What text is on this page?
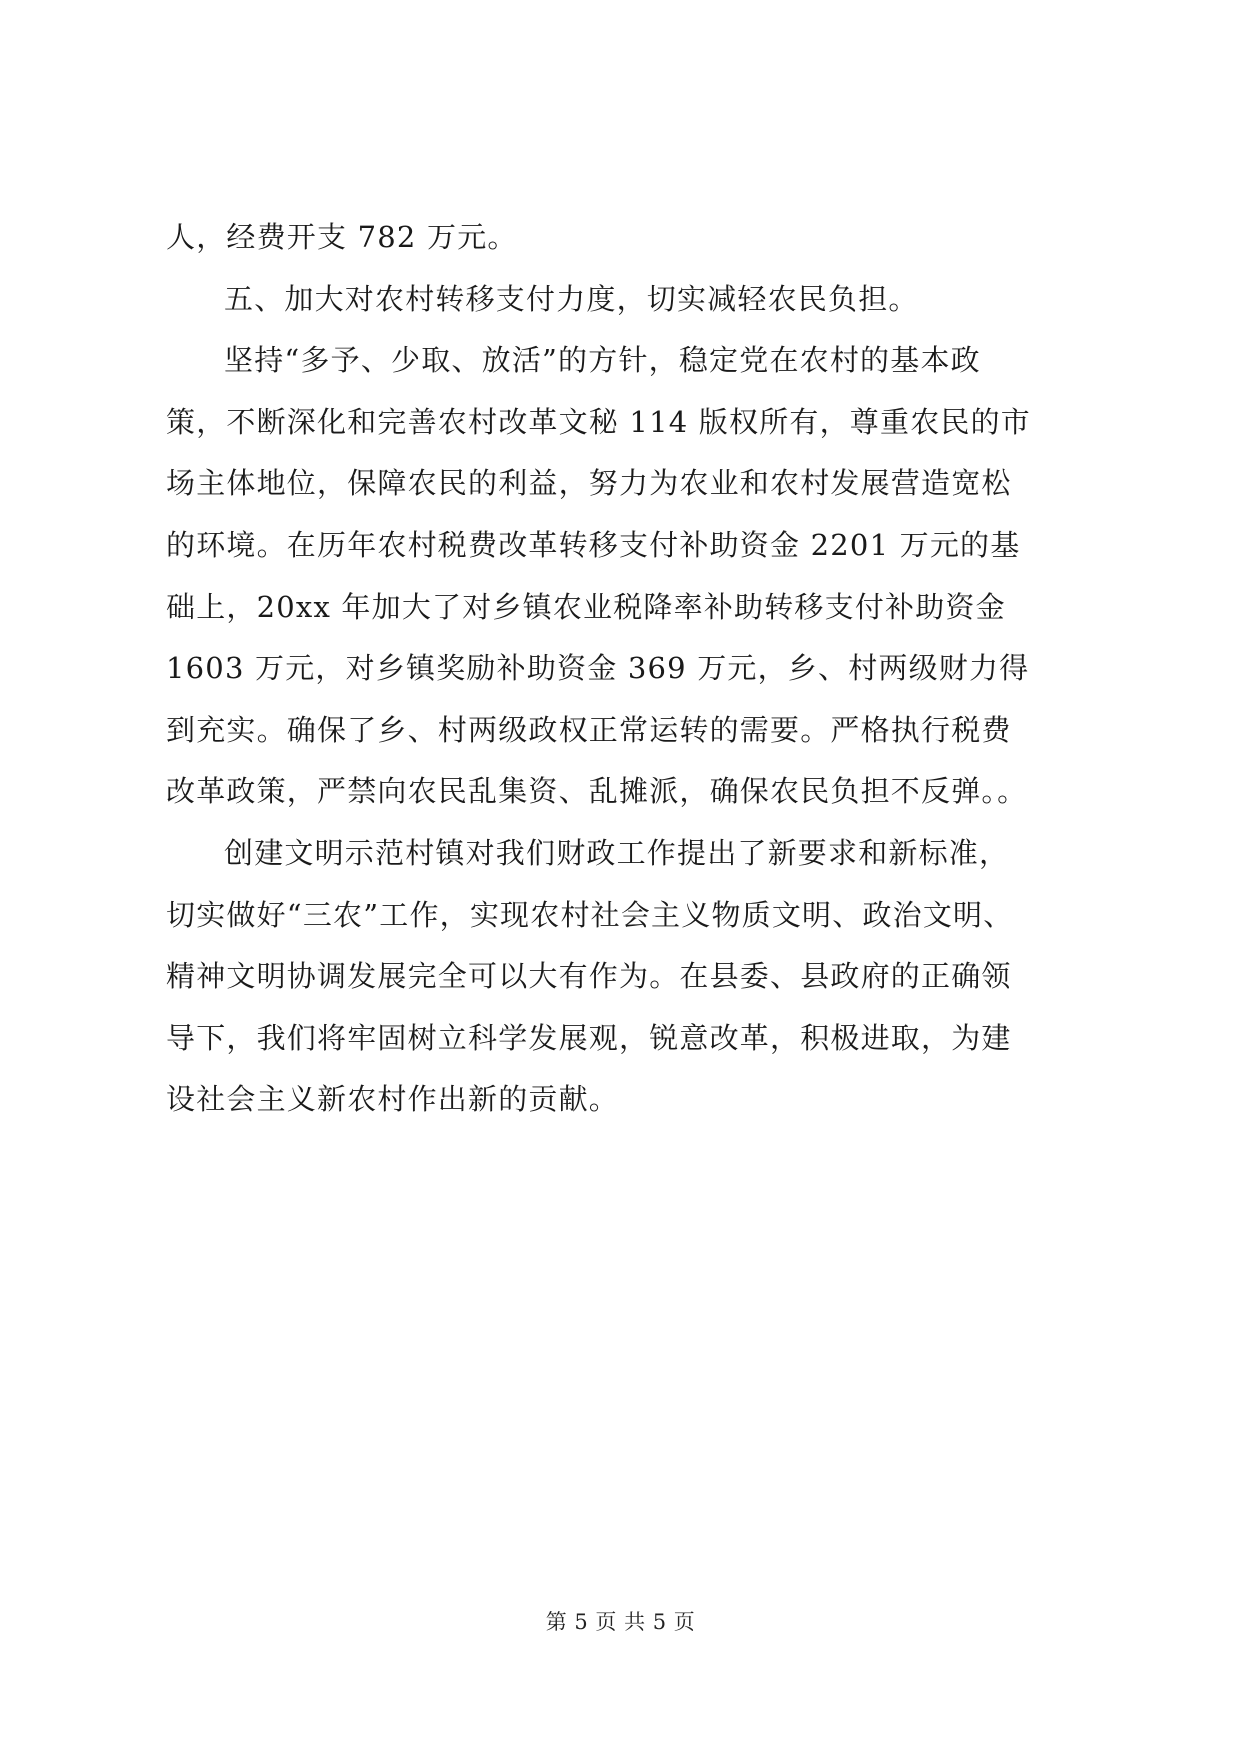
人，经费开支 782 万元。
五、加大对农村转移支付力度，切实减轻农民负担。
坚持“多予、少取、放活”的方针，稳定党在农村的基本政
策，不断深化和完善农村改革文秘 114 版权所有，尊重农民的市
场主体地位，保障农民的利益，努力为农业和农村发展营造宽松
的环境。在历年农村税费改革转移支付补助资金 2201 万元的基
础上，20xx 年加大了对乡镇农业税降率补助转移支付补助资金
1603 万元，对乡镇奖励补助资金 369 万元，乡、村两级财力得
到充实。确保了乡、村两级政权正常运转的需要。严格执行税费
改革政策，严禁向农民乱集资、乱摊派，确保农民负担不反弹。。
创建文明示范村镇对我们财政工作提出了新要求和新标准，
切实做好“三农”工作，实现农村社会主义物质文明、政治文明、
精神文明协调发展完全可以大有作为。在县委、县政府的正确领
导下，我们将牢固树立科学发展观，锐意改革，积极进取，为建
设社会主义新农村作出新的贡献。
第 5 页 共 5 页
